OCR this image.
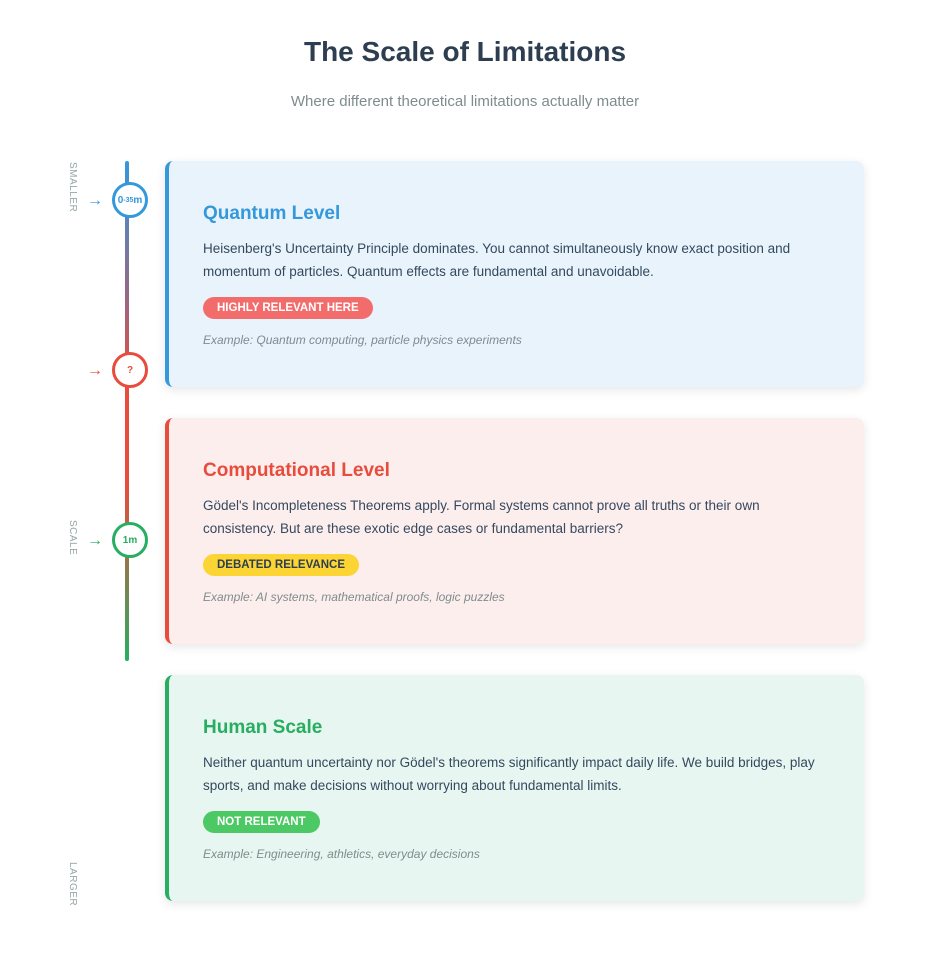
The Scale of Limitations
Where different theoretical limitations actually matter
SMALLER
SCALE
LARGER
→ 0 -35 m
→ ?
→ 1m
Quantum Level

Heisenberg's Uncertainty Principle dominates. You cannot simultaneously know exact position and momentum of particles. Quantum effects are fundamental and unavoidable.

HIGHLY RELEVANT HERE
Example: Quantum computing, particle physics experiments
Computational Level

Gödel's Incompleteness Theorems apply. Formal systems cannot prove all truths or their own consistency. But are these exotic edge cases or fundamental barriers?

DEBATED RELEVANCE
Example: AI systems, mathematical proofs, logic puzzles
Human Scale

Neither quantum uncertainty nor Gödel's theorems significantly impact daily life. We build bridges, play sports, and make decisions without worrying about fundamental limits.

NOT RELEVANT
Example: Engineering, athletics, everyday decisions
